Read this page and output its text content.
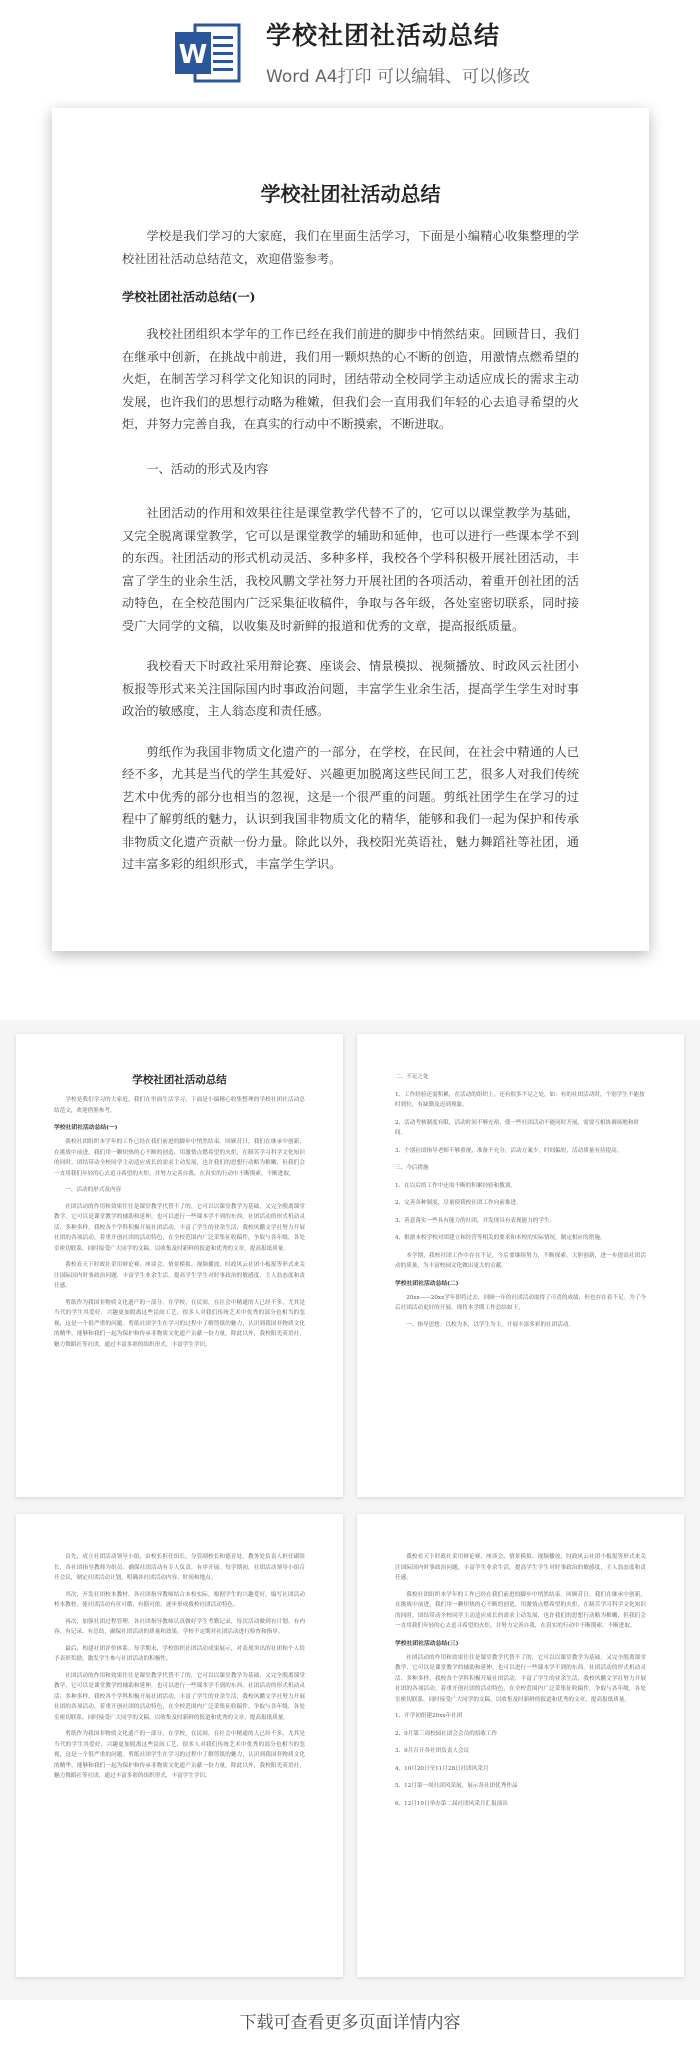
W
学校社团社活动总结
Word A4打印 可以编辑、可以修改
学校社团社活动总结

学校是我们学习的大家庭，我们在里面生活学习，下面是小编精心收集整理的学校社团社活动总结范文，欢迎借鉴参考。

学校社团社活动总结(一)

我校社团组织本学年的工作已经在我们前进的脚步中悄然结束。回顾昔日，我们在继承中创新，在挑战中前进，我们用一颗炽热的心不断的创造，用激情点燃希望的火炬，在制苦学习科学文化知识的同时，团结带动全校同学主动适应成长的需求主动发展，也许我们的思想行动略为稚嫩，但我们会一直用我们年轻的心去追寻希望的火炬，并努力完善自我，在真实的行动中不断摸索，不断进取。

一、活动的形式及内容

社团活动的作用和效果往往是课堂教学代替不了的，它可以以课堂教学为基础，又完全脱离课堂教学，它可以是课堂教学的辅助和延伸，也可以进行一些课本学不到的东西。社团活动的形式机动灵活、多种多样，我校各个学科积极开展社团活动，丰富了学生的业余生活，我校风鹏文学社努力开展社团的各项活动，着重开创社团的活动特色，在全校范围内广泛采集征收稿件，争取与各年级，各处室密切联系，同时接受广大同学的文稿，以收集及时新鲜的报道和优秀的文章，提高报纸质量。

我校看天下时政社采用辩论赛、座谈会、情景模拟、视频播放、时政风云社团小板报等形式来关注国际国内时事政治问题，丰富学生业余生活，提高学生学生对时事政治的敏感度，主人翁态度和责任感。

剪纸作为我国非物质文化遗产的一部分，在学校，在民间，在社会中精通的人已经不多，尤其是当代的学生其爱好、兴趣更加脱离这些民间工艺，很多人对我们传统艺术中优秀的部分也相当的忽视，这是一个很严重的问题。剪纸社团学生在学习的过程中了解剪纸的魅力，认识到我国非物质文化的精华，能够和我们一起为保护和传承非物质文化遗产贡献一份力量。除此以外，我校阳光英语社，魅力舞蹈社等社团，通过丰富多彩的组织形式，丰富学生学识。

学校社团社活动总结

学校是我们学习的大家庭，我们在里面生活学习，下面是小编精心收集整理的学校社团社活动总结范文，欢迎借鉴参考。

学校社团社活动总结(一)

我校社团组织本学年的工作已经在我们前进的脚步中悄然结束。回顾昔日，我们在继承中创新，在挑战中前进，我们用一颗炽热的心不断的创造，用激情点燃希望的火炬，在制苦学习科学文化知识的同时，团结带动全校同学主动适应成长的需求主动发展，也许我们的思想行动略为稚嫩，但我们会一直用我们年轻的心去追寻希望的火炬，并努力完善自我，在真实的行动中不断摸索，不断进取。

一、活动的形式及内容

社团活动的作用和效果往往是课堂教学代替不了的，它可以以课堂教学为基础，又完全脱离课堂教学，它可以是课堂教学的辅助和延伸，也可以进行一些课本学不到的东西。社团活动的形式机动灵活、多种多样，我校各个学科积极开展社团活动，丰富了学生的业余生活，我校风鹏文学社努力开展社团的各项活动，着重开创社团的活动特色，在全校范围内广泛采集征收稿件，争取与各年级，各处室密切联系，同时接受广大同学的文稿，以收集及时新鲜的报道和优秀的文章，提高报纸质量。

我校看天下时政社采用辩论赛、座谈会、情景模拟、视频播放、时政风云社团小板报等形式来关注国际国内时事政治问题，丰富学生业余生活，提高学生学生对时事政治的敏感度，主人翁态度和责任感。

剪纸作为我国非物质文化遗产的一部分，在学校，在民间，在社会中精通的人已经不多，尤其是当代的学生其爱好、兴趣更加脱离这些民间工艺，很多人对我们传统艺术中优秀的部分也相当的忽视，这是一个很严重的问题。剪纸社团学生在学习的过程中了解剪纸的魅力，认识到我国非物质文化的精华，能够和我们一起为保护和传承非物质文化遗产贡献一份力量。除此以外，我校阳光英语社，魅力舞蹈社等社团，通过丰富多彩的组织形式，丰富学生学识。

二、不足之处
1、工作经验还需积累，在活动的组织上，还有很多不足之处，如：有的社团活动时，个别学生不能按时到位，有缺勤及迟到现象。
2、活动考核制度有限，活动时间不够充裕，使一些社团活动不能同时开展，需要互相协调场地和时间。
3、个别社团指导老师不够重视，准备不充分，活动方案少，时间偏短，活动质量有待提高。
三、今后措施
1、在以后的工作中还需不断的积累经验和教训。
2、完善各种制度，尽量使我校社团工作向前推进。
3、善意落实一些具有能力的社团，并发现具有表现能力的学生。
4、根据本校学校对团建立和经营等相关的要求和本校的实际情况，制定相应的措施。

本学期，我校社团工作中存在不足，今后要继续努力，不断探索，大胆创新，进一步提高社团活动的质量，为丰富校园文化做出更大的贡献。

学校社团社活动总结(二)

20xx——20xx学年即将过去，回顾一年的社团活动取得了可喜的成绩，但也存在着不足。为了今后社团活动更好的开展，现将本学期工作总结如下。

一、指导思想：以校为本，以学生为主，开展丰富多彩的社团活动。

首先，成立社团活动领导小组，由校长担任组长，分管副校长和德育处、教务处负责人担任副组长，各社团指导教师为组员。确保社团活动有专人负责，有序开展。每学期初，社团活动领导小组召开会议，制定社团活动计划，明确各社团活动内容、时间和地点。

其次，开发社团校本教材，各社团指导教师结合本校实际，根据学生的兴趣爱好，编写社团活动校本教材，使社团活动有章可循，有据可依，逐步形成我校社团活动特色。

再次，加强社团过程管理。各社团指导教师认真做好学生考勤记录，每次活动做到有计划、有内容、有记录、有总结，确保社团活动的质量和效果。学校不定期对社团活动进行检查和指导。

最后，构建社团评价体系。每学期末，学校组织社团活动成果展示，对表现突出的社团和个人给予表彰奖励，激发学生参与社团活动的积极性。

社团活动的作用和效果往往是课堂教学代替不了的，它可以以课堂教学为基础，又完全脱离课堂教学，它可以是课堂教学的辅助和延伸，也可以进行一些课本学不到的东西。社团活动的形式机动灵活、多种多样，我校各个学科积极开展社团活动，丰富了学生的业余生活，我校风鹏文学社努力开展社团的各项活动，着重开创社团的活动特色，在全校范围内广泛采集征收稿件，争取与各年级，各处室密切联系，同时接受广大同学的文稿，以收集及时新鲜的报道和优秀的文章，提高报纸质量。

剪纸作为我国非物质文化遗产的一部分，在学校，在民间，在社会中精通的人已经不多，尤其是当代的学生其爱好、兴趣更加脱离这些民间工艺，很多人对我们传统艺术中优秀的部分也相当的忽视，这是一个很严重的问题。剪纸社团学生在学习的过程中了解剪纸的魅力，认识到我国非物质文化的精华，能够和我们一起为保护和传承非物质文化遗产贡献一份力量。除此以外，我校阳光英语社，魅力舞蹈社等社团，通过丰富多彩的组织形式，丰富学生学识。

我校看天下时政社采用辩论赛、座谈会、情景模拟、视频播放、时政风云社团小板报等形式来关注国际国内时事政治问题，丰富学生业余生活，提高学生学生对时事政治的敏感度，主人翁态度和责任感。

我校社团组织本学年的工作已经在我们前进的脚步中悄然结束。回顾昔日，我们在继承中创新，在挑战中前进，我们用一颗炽热的心不断的创造，用激情点燃希望的火炬，在制苦学习科学文化知识的同时，团结带动全校同学主动适应成长的需求主动发展，也许我们的思想行动略为稚嫩，但我们会一直用我们年轻的心去追寻希望的火炬，并努力完善自我，在真实的行动中不断摸索，不断进取。

学校社团社活动总结(三)

社团活动的作用和效果往往是课堂教学代替不了的，它可以以课堂教学为基础，又完全脱离课堂教学，它可以是课堂教学的辅助和延伸，也可以进行一些课本学不到的东西。社团活动的形式机动灵活、多种多样，我校各个学科积极开展社团活动，丰富了学生的业余生活，我校风鹏文学社努力开展社团的各项活动，着重开创社团的活动特色，在全校范围内广泛采集征收稿件，争取与各年级，各处室密切联系，同时接受广大同学的文稿，以收集及时新鲜的报道和优秀的文章，提高报纸质量。

1、开学初组建20xx年社团
2、9月第三周校园社团会会员的招收工作
3、9月召开各社团负责人会议
4、10月20日至11月28日社团风采月
5、12月第一周社团风采展，展示各社团优秀作品
6、12月10日举办第二届社团风采月汇报演出
下载可查看更多页面详情内容
